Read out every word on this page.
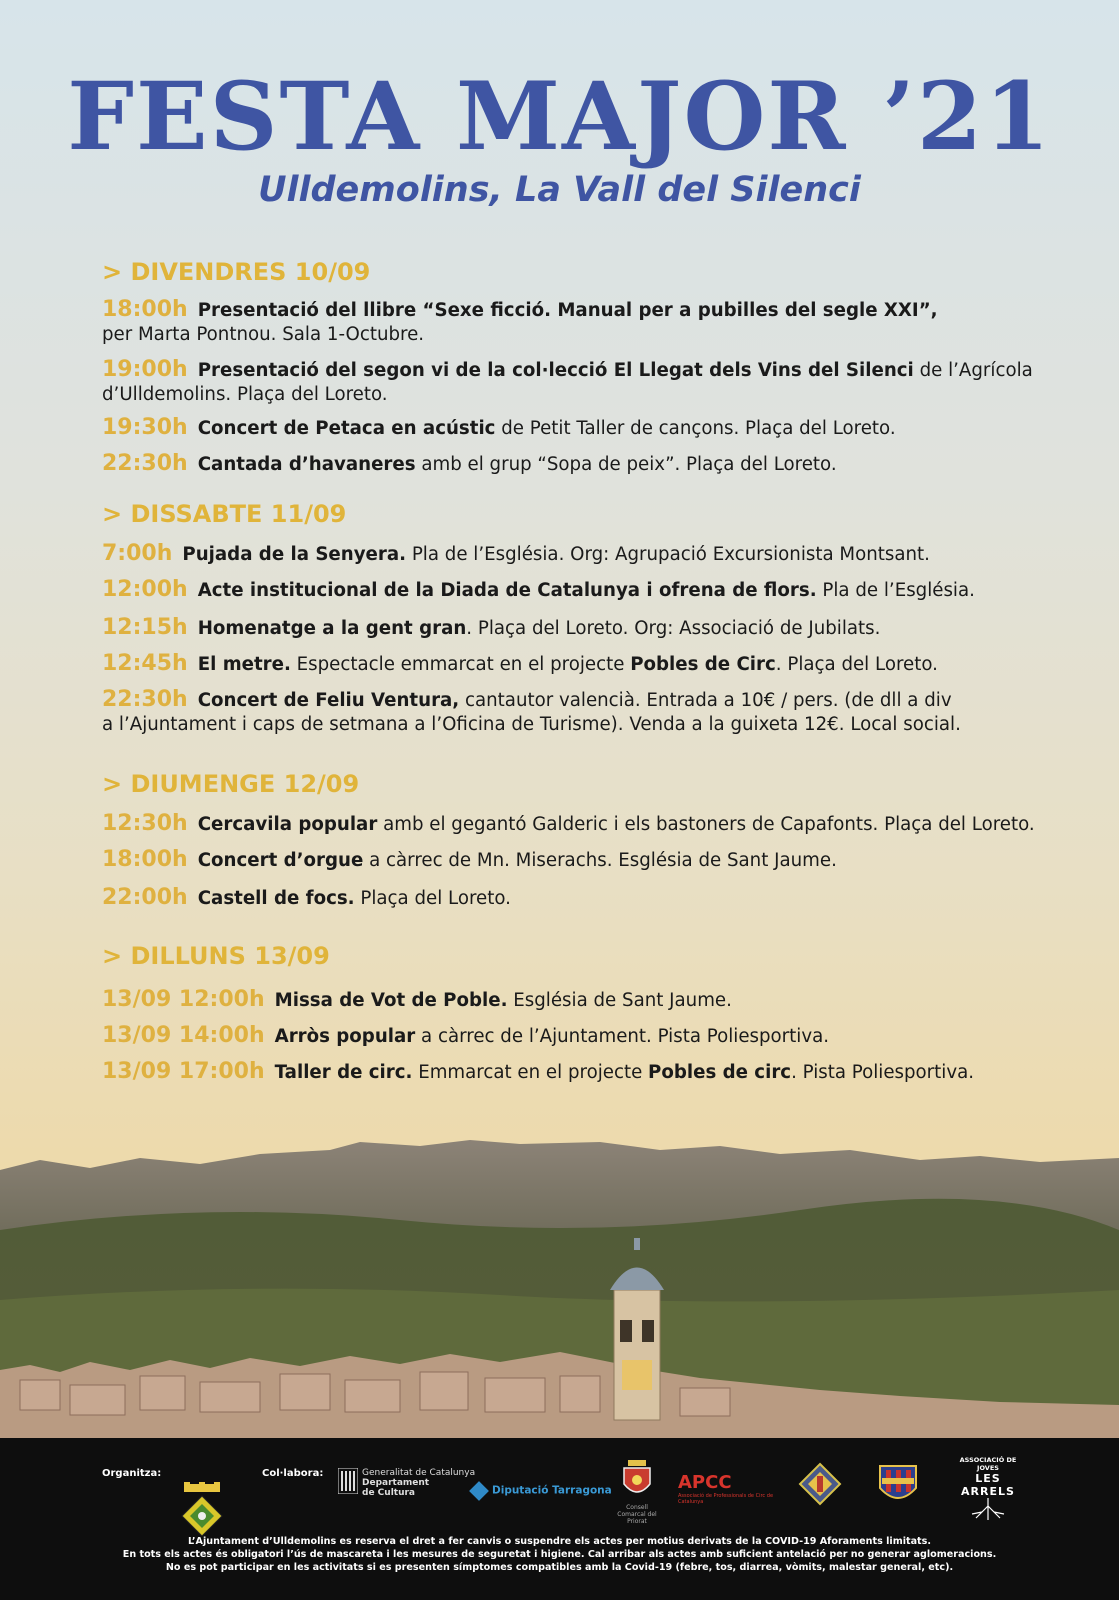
FESTA MAJOR ’21
Ulldemolins, La Vall del Silenci
> DIVENDRES 10/09
18:00h Presentació del llibre “Sexe ficció. Manual per a pubilles del segle XXI”,
per Marta Pontnou. Sala 1-Octubre.
19:00h Presentació del segon vi de la col·lecció El Llegat dels Vins del Silenci de l’Agrícola
d’Ulldemolins. Plaça del Loreto.
19:30h Concert de Petaca en acústic de Petit Taller de cançons. Plaça del Loreto.
22:30h Cantada d’havaneres amb el grup “Sopa de peix”. Plaça del Loreto.
> DISSABTE 11/09
7:00h Pujada de la Senyera. Pla de l’Església. Org: Agrupació Excursionista Montsant.
12:00h Acte institucional de la Diada de Catalunya i ofrena de flors. Pla de l’Església.
12:15h Homenatge a la gent gran. Plaça del Loreto. Org: Associació de Jubilats.
12:45h El metre. Espectacle emmarcat en el projecte Pobles de Circ. Plaça del Loreto.
22:30h Concert de Feliu Ventura, cantautor valencià. Entrada a 10€ / pers. (de dll a div
a l’Ajuntament i caps de setmana a l’Oficina de Turisme). Venda a la guixeta 12€. Local social.
> DIUMENGE 12/09
12:30h Cercavila popular amb el gegantó Galderic i els bastoners de Capafonts. Plaça del Loreto.
18:00h Concert d’orgue a càrrec de Mn. Miserachs. Església de Sant Jaume.
22:00h Castell de focs. Plaça del Loreto.
> DILLUNS 13/09
13/09 12:00h Missa de Vot de Poble. Església de Sant Jaume.
13/09 14:00h Arròs popular a càrrec de l’Ajuntament. Pista Poliesportiva.
13/09 17:00h Taller de circ. Emmarcat en el projecte Pobles de circ. Pista Poliesportiva.
Organitza:	Col·labora:	Generalitat de Catalunya
Departament
de Cultura	Diputació Tarragona
Consell Comarcal del Priorat
APCC
Associació de Professionals de Circ de Catalunya
ASSOCIACIÓ DE JOVES
LES ARRELS
L’Ajuntament d’Ulldemolins es reserva el dret a fer canvis o suspendre els actes per motius derivats de la COVID-19 Aforaments limitats.
En tots els actes és obligatori l’ús de mascareta i les mesures de seguretat i higiene. Cal arribar als actes amb suficient antelació per no generar aglomeracions.
No es pot participar en les activitats si es presenten símptomes compatibles amb la Covid-19 (febre, tos, diarrea, vòmits, malestar general, etc).
